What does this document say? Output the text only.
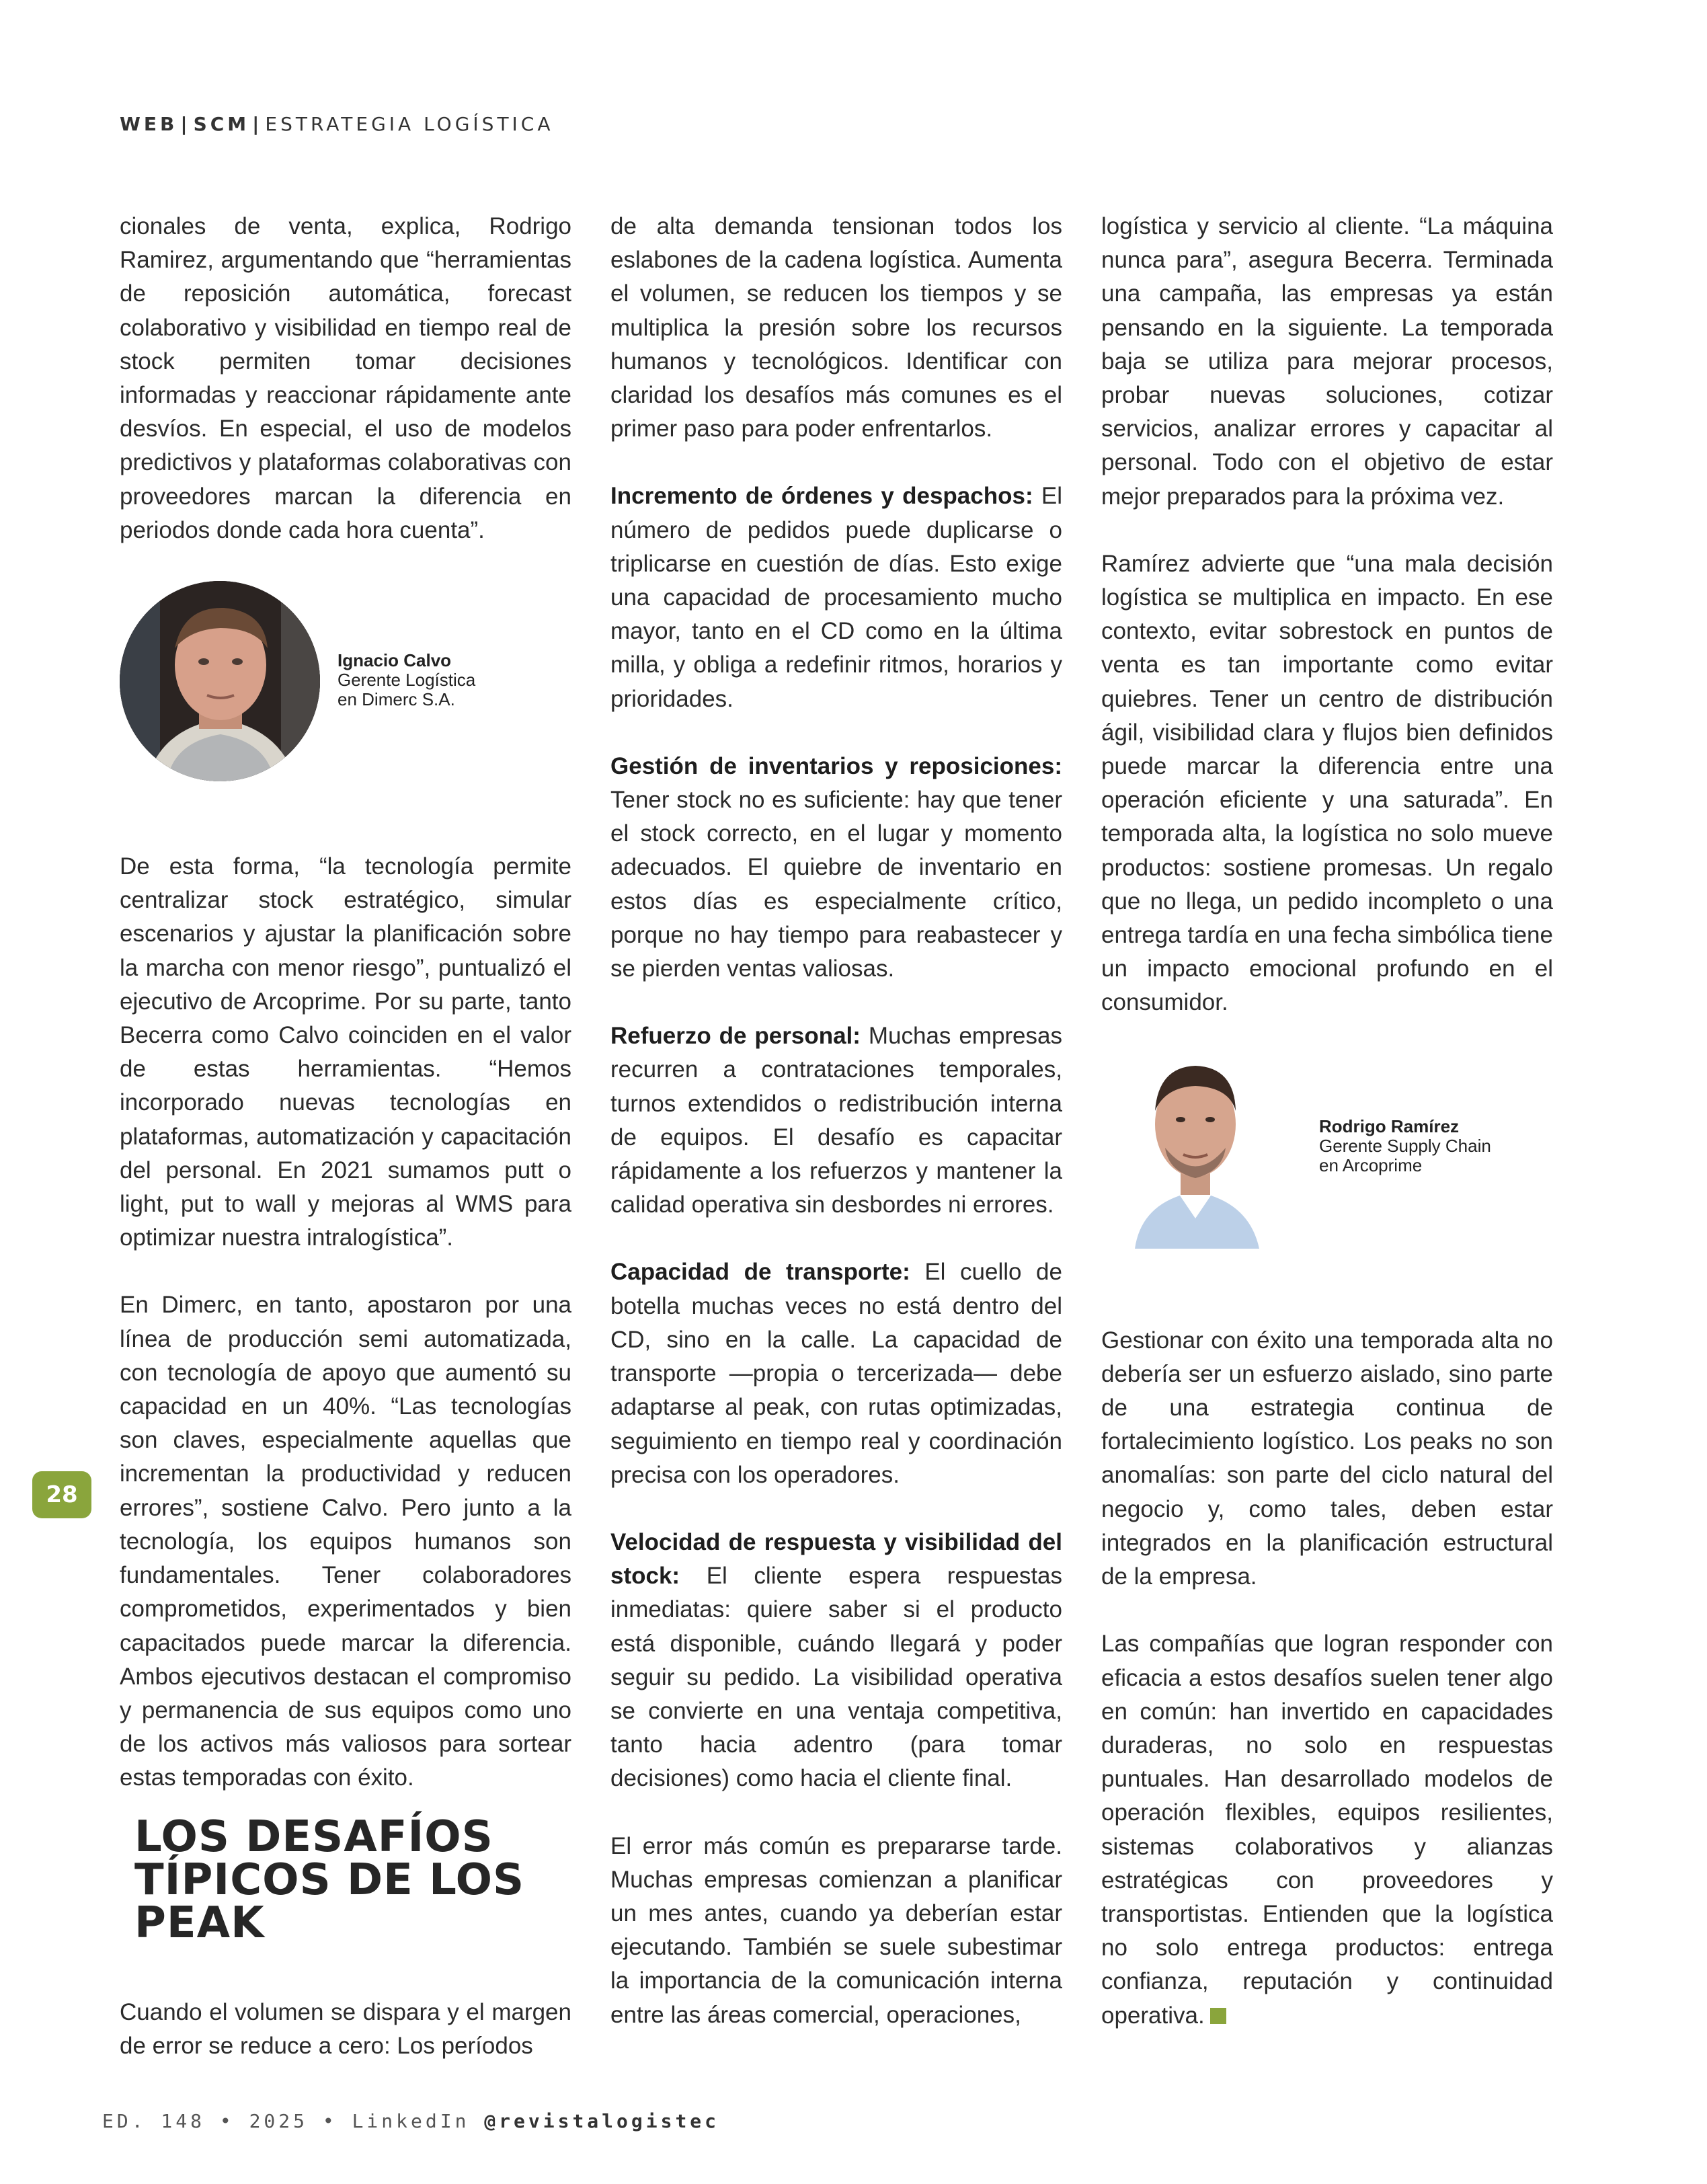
WEB | SCM | ESTRATEGIA LOGÍSTICA

cionales de venta, explica, Rodrigo Ramirez, argumentando que “herramientas de reposición automática, forecast colaborativo y visibilidad en tiempo real de stock permiten tomar decisiones informadas y reaccionar rápidamente ante desvíos. En especial, el uso de modelos predictivos y plataformas colaborativas con proveedores marcan la diferencia en periodos donde cada hora cuenta”.

Ignacio Calvo
Gerente Logística
en Dimerc S.A.

De esta forma, “la tecnología permite centralizar stock estratégico, simular escenarios y ajustar la planificación sobre la marcha con menor riesgo”, puntualizó el ejecutivo de Arcoprime. Por su parte, tanto Becerra como Calvo coinciden en el valor de estas herramientas. “Hemos incorporado nuevas tecnologías en plataformas, automatización y capacitación del personal. En 2021 sumamos putt o light, put to wall y mejoras al WMS para optimizar nuestra intralogística”.

En Dimerc, en tanto, apostaron por una línea de producción semi automatizada, con tecnología de apoyo que aumentó su capacidad en un 40%. “Las tecnologías son claves, especialmente aquellas que incrementan la productividad y reducen errores”, sostiene Calvo. Pero junto a la tecnología, los equipos humanos son fundamentales. Tener colaboradores comprometidos, experimentados y bien capacitados puede marcar la diferencia. Ambos ejecutivos destacan el compromiso y permanencia de sus equipos como uno de los activos más valiosos para sortear estas temporadas con éxito.

LOS DESAFÍOS
TÍPICOS DE LOS
PEAK

Cuando el volumen se dispara y el margen de error se reduce a cero: Los períodos

de alta demanda tensionan todos los eslabones de la cadena logística. Aumenta el volumen, se reducen los tiempos y se multiplica la presión sobre los recursos humanos y tecnológicos. Identificar con claridad los desafíos más comunes es el primer paso para poder enfrentarlos.

Incremento de órdenes y despachos: El número de pedidos puede duplicarse o triplicarse en cuestión de días. Esto exige una capacidad de procesamiento mucho mayor, tanto en el CD como en la última milla, y obliga a redefinir ritmos, horarios y prioridades.

Gestión de inventarios y reposiciones: Tener stock no es suficiente: hay que tener el stock correcto, en el lugar y momento adecuados. El quiebre de inventario en estos días es especialmente crítico, porque no hay tiempo para reabastecer y se pierden ventas valiosas.

Refuerzo de personal: Muchas empresas recurren a contrataciones temporales, turnos extendidos o redistribución interna de equipos. El desafío es capacitar rápidamente a los refuerzos y mantener la calidad operativa sin desbordes ni errores.

Capacidad de transporte: El cuello de botella muchas veces no está dentro del CD, sino en la calle. La capacidad de transporte —propia o tercerizada— debe adaptarse al peak, con rutas optimizadas, seguimiento en tiempo real y coordinación precisa con los operadores.

Velocidad de respuesta y visibilidad del stock: El cliente espera respuestas inmediatas: quiere saber si el producto está disponible, cuándo llegará y poder seguir su pedido. La visibilidad operativa se convierte en una ventaja competitiva, tanto hacia adentro (para tomar decisiones) como hacia el cliente final.

El error más común es prepararse tarde. Muchas empresas comienzan a planificar un mes antes, cuando ya deberían estar ejecutando. También se suele subestimar la importancia de la comunicación interna entre las áreas comercial, operaciones,

logística y servicio al cliente. “La máquina nunca para”, asegura Becerra. Terminada una campaña, las empresas ya están pensando en la siguiente. La temporada baja se utiliza para mejorar procesos, probar nuevas soluciones, cotizar servicios, analizar errores y capacitar al personal. Todo con el objetivo de estar mejor preparados para la próxima vez.

Ramírez advierte que “una mala decisión logística se multiplica en impacto. En ese contexto, evitar sobrestock en puntos de venta es tan importante como evitar quiebres. Tener un centro de distribución ágil, visibilidad clara y flujos bien definidos puede marcar la diferencia entre una operación eficiente y una saturada”. En temporada alta, la logística no solo mueve productos: sostiene promesas. Un regalo que no llega, un pedido incompleto o una entrega tardía en una fecha simbólica tiene un impacto emocional profundo en el consumidor.

Rodrigo Ramírez
Gerente Supply Chain
en Arcoprime

Gestionar con éxito una temporada alta no debería ser un esfuerzo aislado, sino parte de una estrategia continua de fortalecimiento logístico. Los peaks no son anomalías: son parte del ciclo natural del negocio y, como tales, deben estar integrados en la planificación estructural de la empresa.

Las compañías que logran responder con eficacia a estos desafíos suelen tener algo en común: han invertido en capacidades duraderas, no solo en respuestas puntuales. Han desarrollado modelos de operación flexibles, equipos resilientes, sistemas colaborativos y alianzas estratégicas con proveedores y transportistas. Entienden que la logística no solo entrega productos: entrega confianza, reputación y continuidad operativa.

28
ED. 148 • 2025 • LinkedIn @revistalogistec
